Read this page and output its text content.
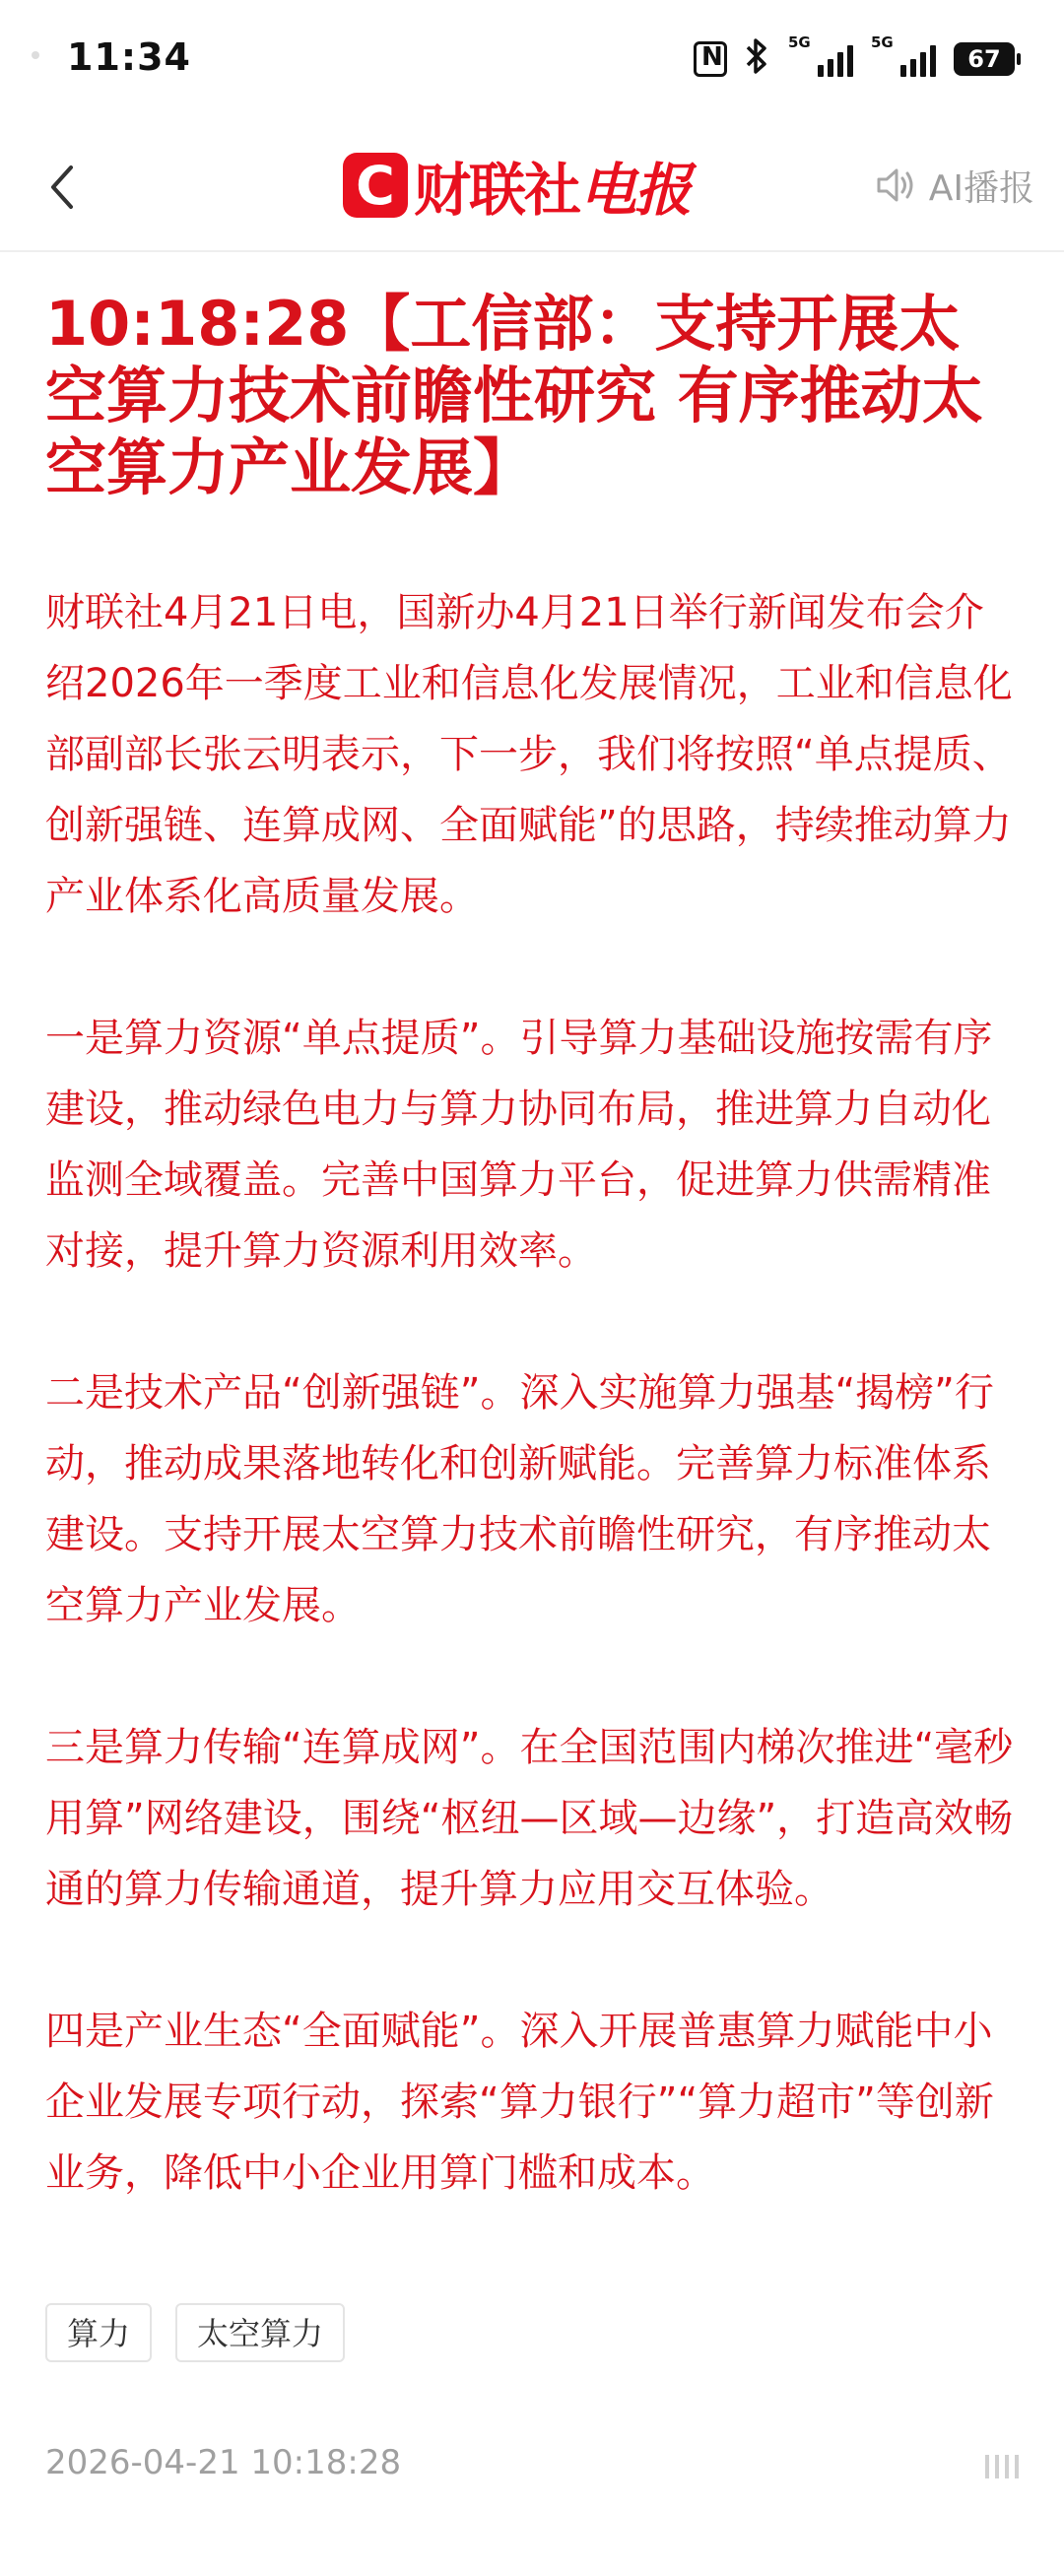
11:34
N	5G	5G
67
C 财联社 电报	AI播报
10:18:28【工信部：支持开展太空算力技术前瞻性研究 有序推动太空算力产业发展】

财联社4月21日电，国新办4月21日举行新闻发布会介绍2026年一季度工业和信息化发展情况，工业和信息化部副部长张云明表示，下一步，我们将按照“单点提质、创新强链、连算成网、全面赋能”的思路，持续推动算力产业体系化高质量发展。

一是算力资源“单点提质”。引导算力基础设施按需有序建设，推动绿色电力与算力协同布局，推进算力自动化监测全域覆盖。完善中国算力平台，促进算力供需精准对接，提升算力资源利用效率。

二是技术产品“创新强链”。深入实施算力强基“揭榜”行动，推动成果落地转化和创新赋能。完善算力标准体系建设。支持开展太空算力技术前瞻性研究，有序推动太空算力产业发展。

三是算力传输“连算成网”。在全国范围内梯次推进“毫秒用算”网络建设，围绕“枢纽—区域—边缘”，打造高效畅通的算力传输通道，提升算力应用交互体验。

四是产业生态“全面赋能”。深入开展普惠算力赋能中小企业发展专项行动，探索“算力银行”“算力超市”等创新业务，降低中小企业用算门槛和成本。

算力	太空算力
2026-04-21 10:18:28
